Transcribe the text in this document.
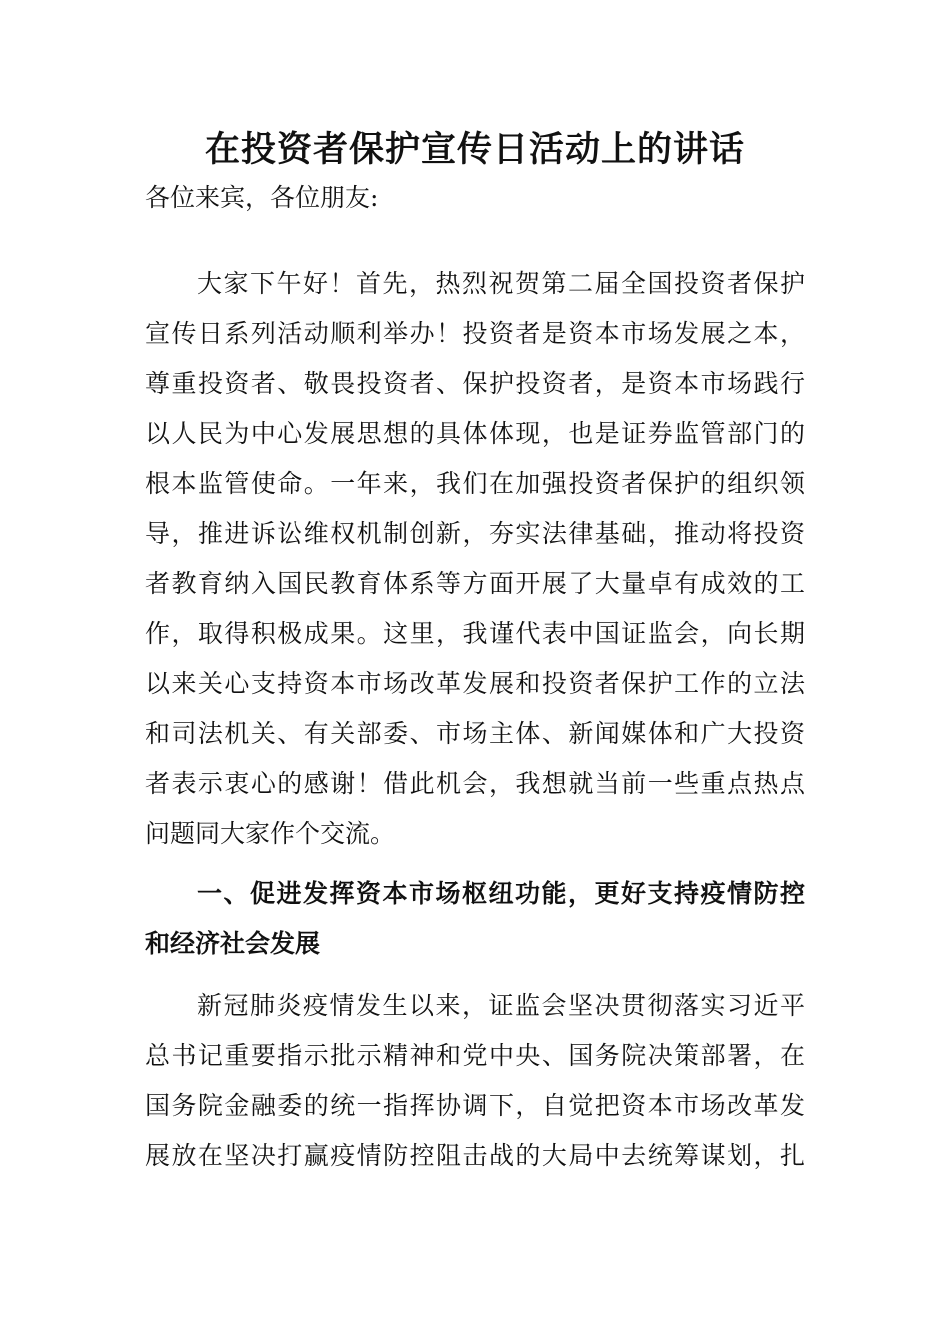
在投资者保护宣传日活动上的讲话
各位来宾，各位朋友:
大家下午好！首先，热烈祝贺第二届全国投资者保护
宣传日系列活动顺利举办！投资者是资本市场发展之本，
尊重投资者、敬畏投资者、保护投资者，是资本市场践行
以人民为中心发展思想的具体体现，也是证券监管部门的
根本监管使命。一年来，我们在加强投资者保护的组织领
导，推进诉讼维权机制创新，夯实法律基础，推动将投资
者教育纳入国民教育体系等方面开展了大量卓有成效的工
作，取得积极成果。这里，我谨代表中国证监会，向长期
以来关心支持资本市场改革发展和投资者保护工作的立法
和司法机关、有关部委、市场主体、新闻媒体和广大投资
者表示衷心的感谢！借此机会，我想就当前一些重点热点
问题同大家作个交流。
一、促进发挥资本市场枢纽功能，更好支持疫情防控
和经济社会发展
新冠肺炎疫情发生以来，证监会坚决贯彻落实习近平
总书记重要指示批示精神和党中央、国务院决策部署，在
国务院金融委的统一指挥协调下，自觉把资本市场改革发
展放在坚决打赢疫情防控阻击战的大局中去统筹谋划，扎
